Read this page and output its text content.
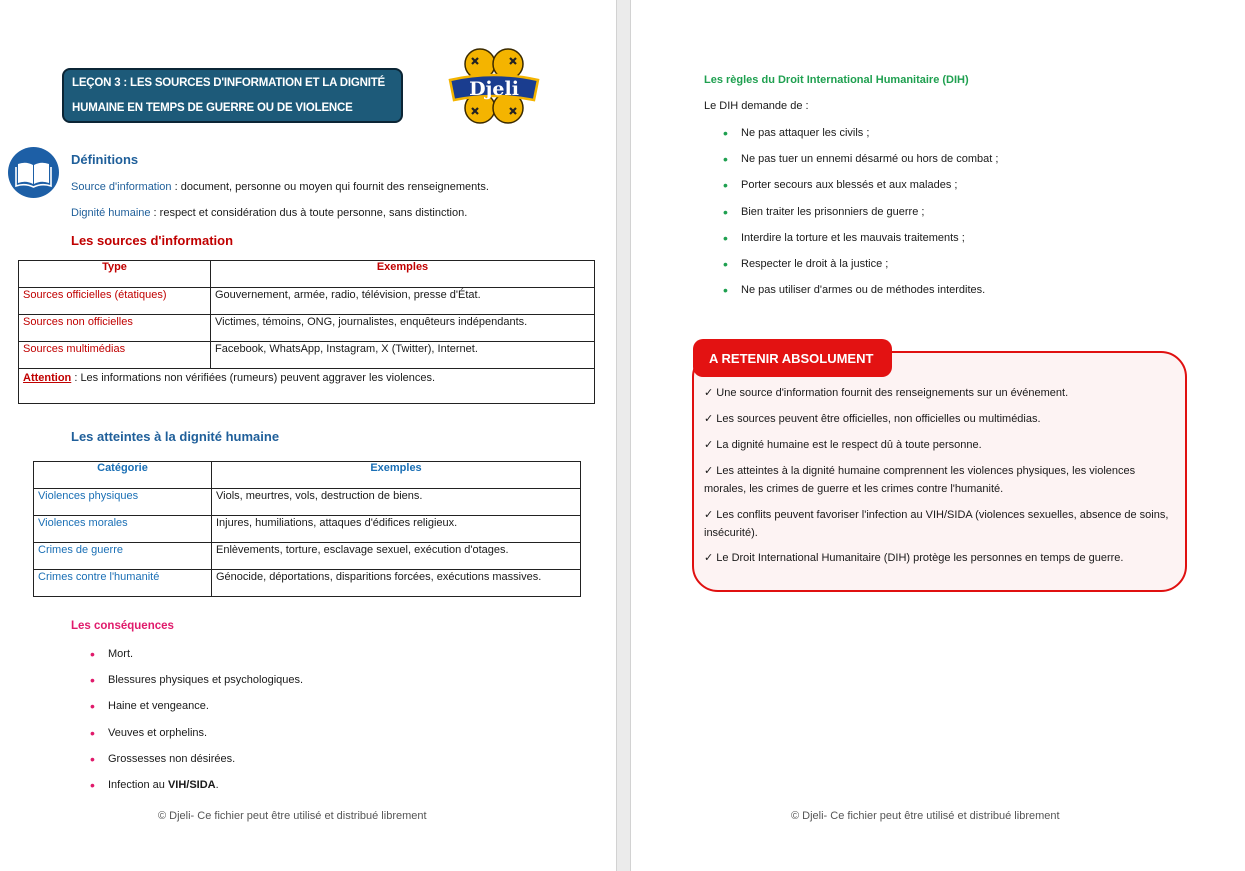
LEÇON 3 : LES SOURCES D'INFORMATION ET LA DIGNITÉ HUMAINE EN TEMPS DE GUERRE OU DE VIOLENCE
Djeli
Définitions
Source d'information : document, personne ou moyen qui fournit des renseignements.
Dignité humaine : respect et considération dus à toute personne, sans distinction.
Les sources d'information
Type	Exemples
Sources officielles (étatiques)	Gouvernement, armée, radio, télévision, presse d'État.
Sources non officielles	Victimes, témoins, ONG, journalistes, enquêteurs indépendants.
Sources multimédias	Facebook, WhatsApp, Instagram, X (Twitter), Internet.
Attention : Les informations non vérifiées (rumeurs) peuvent aggraver les violences.	
Les atteintes à la dignité humaine
Catégorie	Exemples
Violences physiques	Viols, meurtres, vols, destruction de biens.
Violences morales	Injures, humiliations, attaques d'édifices religieux.
Crimes de guerre	Enlèvements, torture, esclavage sexuel, exécution d'otages.
Crimes contre l'humanité	Génocide, déportations, disparitions forcées, exécutions massives.
Les conséquences
• Mort.
• Blessures physiques et psychologiques.
• Haine et vengeance.
• Veuves et orphelins.
• Grossesses non désirées.
• Infection au VIH/SIDA.
© Djeli- Ce fichier peut être utilisé et distribué librement
Les règles du Droit International Humanitaire (DIH)
Le DIH demande de :
• Ne pas attaquer les civils ;
• Ne pas tuer un ennemi désarmé ou hors de combat ;
• Porter secours aux blessés et aux malades ;
• Bien traiter les prisonniers de guerre ;
• Interdire la torture et les mauvais traitements ;
• Respecter le droit à la justice ;
• Ne pas utiliser d'armes ou de méthodes interdites.
A RETENIR ABSOLUMENT
✓ Une source d'information fournit des renseignements sur un événement.
✓ Les sources peuvent être officielles, non officielles ou multimédias.
✓ La dignité humaine est le respect dû à toute personne.
✓ Les atteintes à la dignité humaine comprennent les violences physiques, les violences morales, les crimes de guerre et les crimes contre l'humanité.
✓ Les conflits peuvent favoriser l'infection au VIH/SIDA (violences sexuelles, absence de soins, insécurité).
✓ Le Droit International Humanitaire (DIH) protège les personnes en temps de guerre.
© Djeli- Ce fichier peut être utilisé et distribué librement
